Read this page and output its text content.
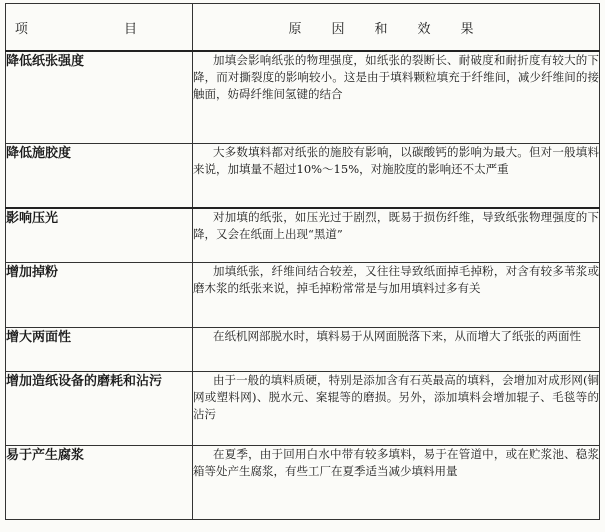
项 目	原因和效果
降低纸张强度	加填会影响纸张的物理强度，如纸张的裂断长、耐破度和耐折度有较大的下降，而对撕裂度的影响较小。这是由于填料颗粒填充于纤维间，减少纤维间的接触面，妨碍纤维间氢键的结合
降低施胶度	大多数填料都对纸张的施胶有影响，以碳酸钙的影响为最大。但对一般填料来说，加填量不超过10%～15%，对施胶度的影响还不太严重
影响压光	对加填的纸张，如压光过于剧烈，既易于损伤纤维，导致纸张物理强度的下降，又会在纸面上出现“黑道”
增加掉粉	加填纸张，纤维间结合较差，又往往导致纸面掉毛掉粉，对含有较多苇浆或磨木浆的纸张来说，掉毛掉粉常常是与加用填料过多有关
增大两面性	在纸机网部脱水时，填料易于从网面脱落下来，从而增大了纸张的两面性
增加造纸设备的磨耗和沾污	由于一般的填料质硬，特别是添加含有石英最高的填料，会增加对成形网(铜网或塑料网)、脱水元、案辊等的磨损。另外，添加填料会增加辊子、毛毯等的沾污
易于产生腐浆	在夏季，由于回用白水中带有较多填料，易于在管道中，或在贮浆池、稳浆箱等处产生腐浆，有些工厂在夏季适当减少填料用量
